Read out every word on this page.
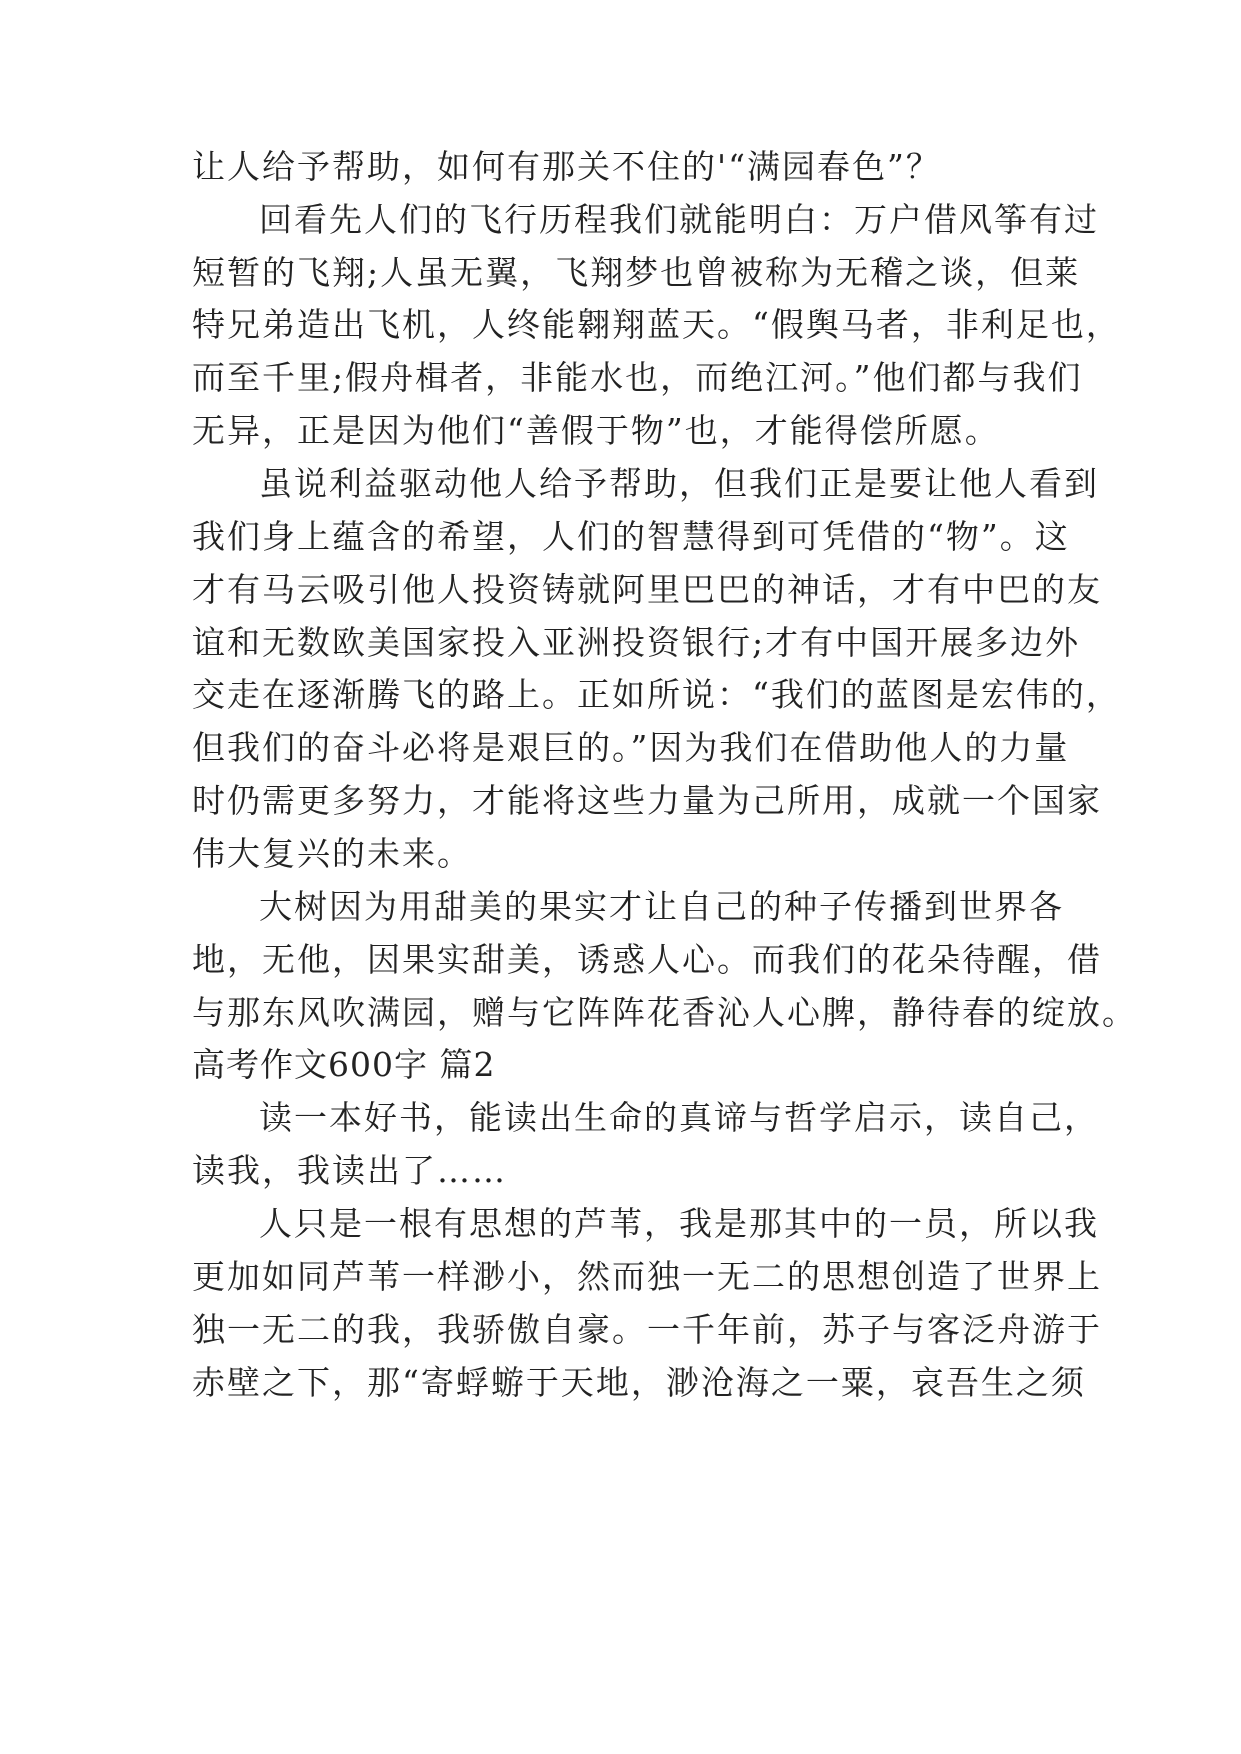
让人给予帮助，如何有那关不住的'“满园春色”？
回看先人们的飞行历程我们就能明白：万户借风筝有过
短暂的飞翔;人虽无翼，飞翔梦也曾被称为无稽之谈，但莱
特兄弟造出飞机，人终能翱翔蓝天。“假舆马者，非利足也，
而至千里;假舟楫者，非能水也，而绝江河。”他们都与我们
无异，正是因为他们“善假于物”也，才能得偿所愿。
虽说利益驱动他人给予帮助，但我们正是要让他人看到
我们身上蕴含的希望，人们的智慧得到可凭借的“物”。这
才有马云吸引他人投资铸就阿里巴巴的神话，才有中巴的友
谊和无数欧美国家投入亚洲投资银行;才有中国开展多边外
交走在逐渐腾飞的路上。正如所说：“我们的蓝图是宏伟的，
但我们的奋斗必将是艰巨的。”因为我们在借助他人的力量
时仍需更多努力，才能将这些力量为己所用，成就一个国家
伟大复兴的未来。
大树因为用甜美的果实才让自己的种子传播到世界各
地，无他，因果实甜美，诱惑人心。而我们的花朵待醒，借
与那东风吹满园，赠与它阵阵花香沁人心脾，静待春的绽放。
高考作文600字 篇2
读一本好书，能读出生命的真谛与哲学启示，读自己，
读我，我读出了……
人只是一根有思想的芦苇，我是那其中的一员，所以我
更加如同芦苇一样渺小，然而独一无二的思想创造了世界上
独一无二的我，我骄傲自豪。一千年前，苏子与客泛舟游于
赤壁之下，那“寄蜉蝣于天地，渺沧海之一粟，哀吾生之须
